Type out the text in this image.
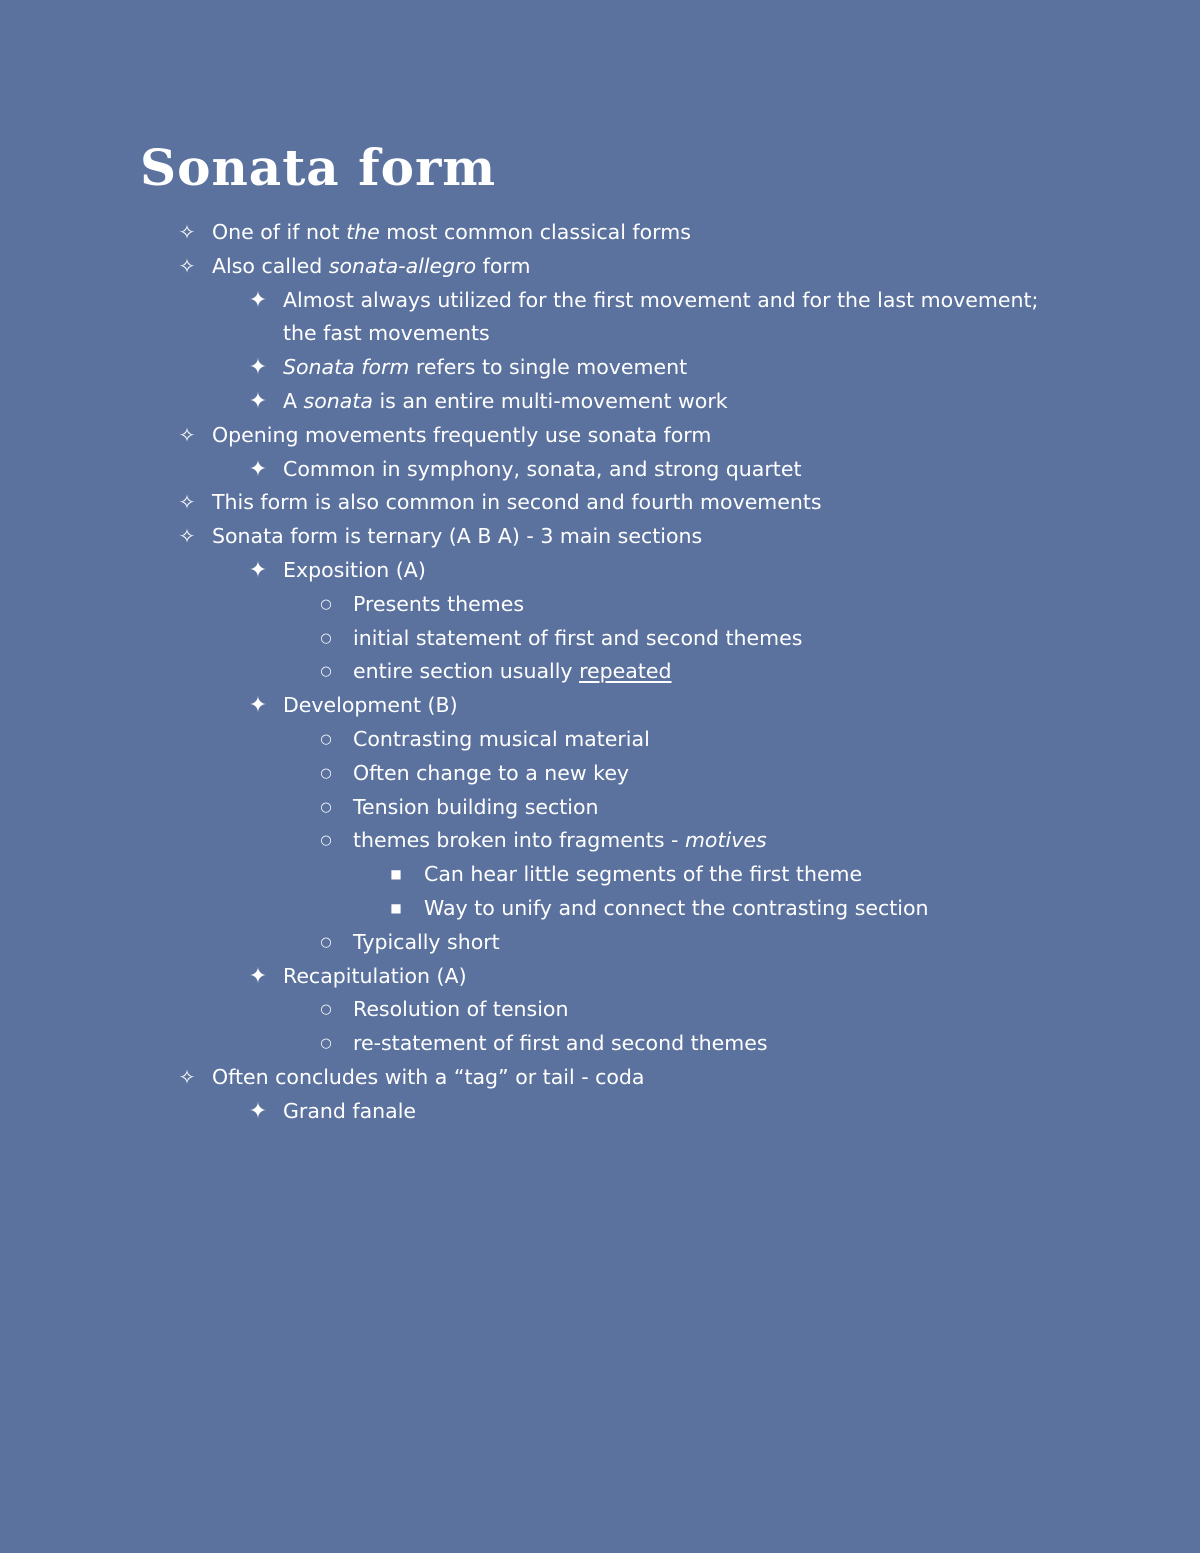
Sonata form
✧ One of if not the most common classical forms
✧ Also called sonata-allegro form
✦ Almost always utilized for the first movement and for the last movement; the fast movements
✦ Sonata form refers to single movement
✦ A sonata is an entire multi-movement work
✧ Opening movements frequently use sonata form
✦ Common in symphony, sonata, and strong quartet
✧ This form is also common in second and fourth movements
✧ Sonata form is ternary (A B A) - 3 main sections
✦ Exposition (A)
○	Presents themes
○	initial statement of first and second themes
○	entire section usually repeated
✦ Development (B)
○	Contrasting musical material
○	Often change to a new key
○	Tension building section
○	themes broken into fragments - motives
■	Can hear little segments of the first theme
■	Way to unify and connect the contrasting section
○	Typically short
✦ Recapitulation (A)
○	Resolution of tension
○	re-statement of first and second themes
✧ Often concludes with a “tag” or tail - coda
✦ Grand fanale
